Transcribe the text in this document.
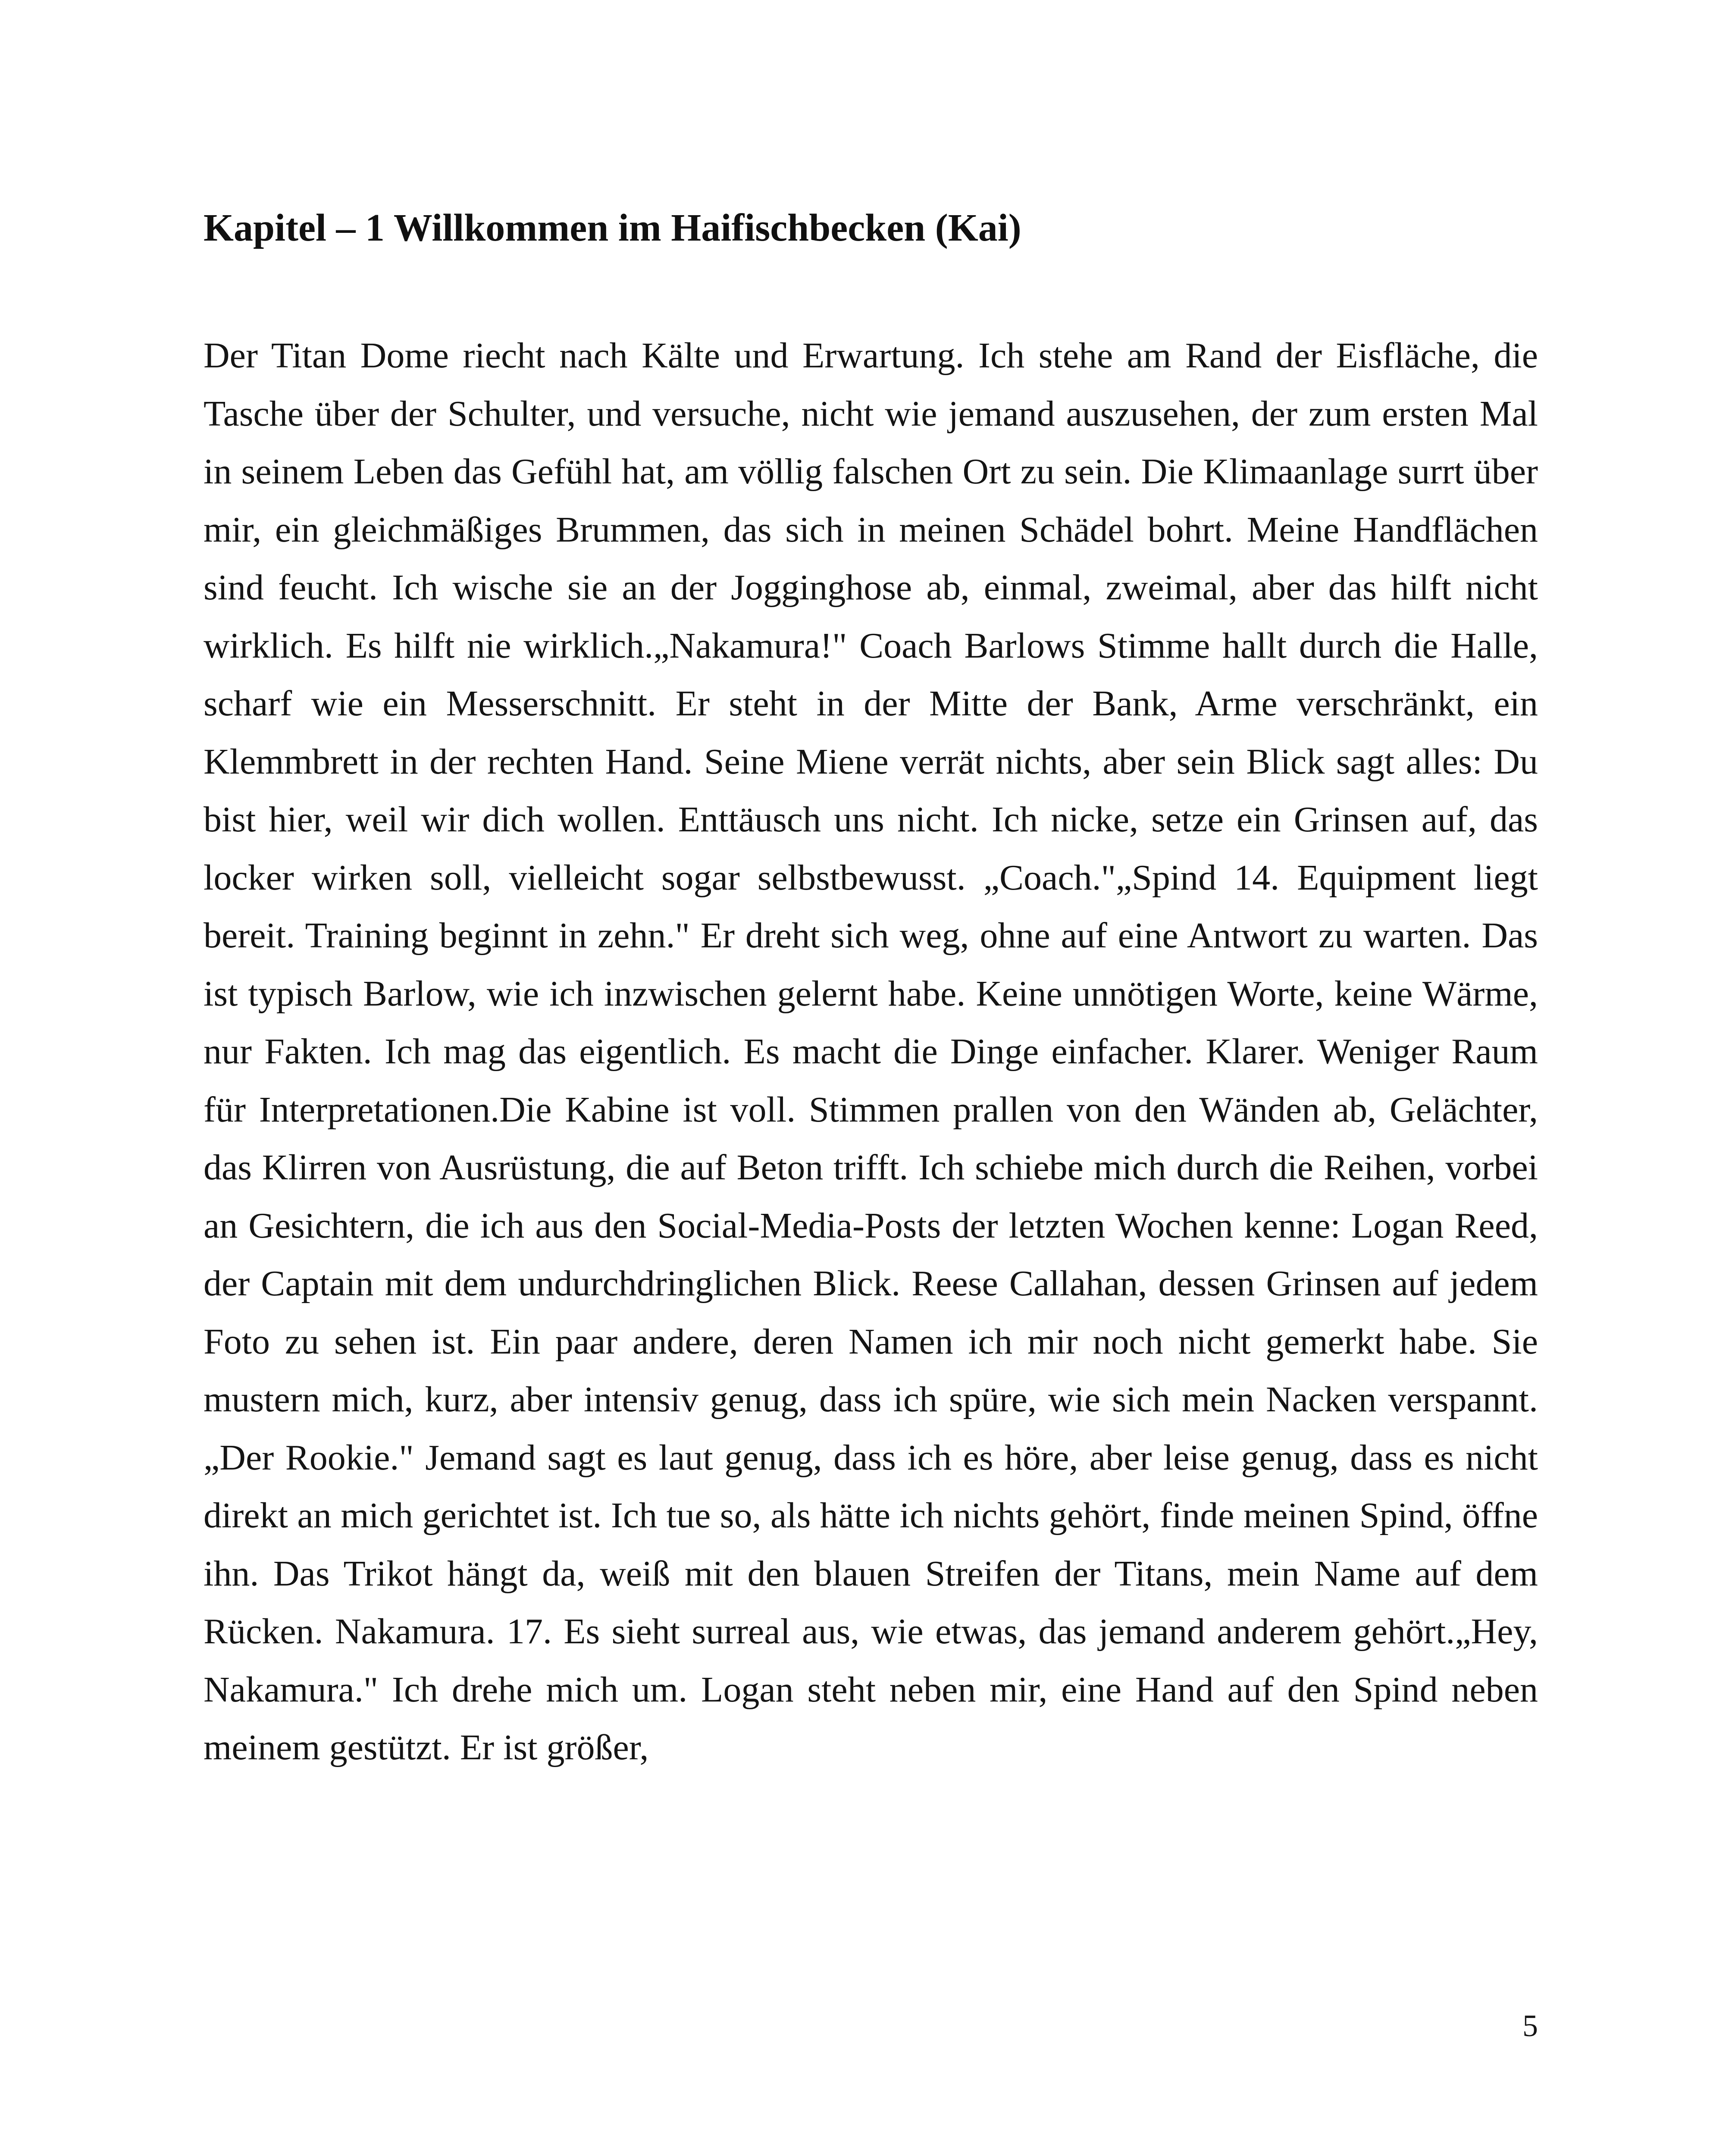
Kapitel – 1 Willkommen im Haifischbecken (Kai)

Der Titan Dome riecht nach Kälte und Erwartung. Ich stehe am Rand der Eisfläche, die Tasche über der Schulter, und versuche, nicht wie jemand auszusehen, der zum ersten Mal in seinem Leben das Gefühl hat, am völlig falschen Ort zu sein. Die Klimaanlage surrt über mir, ein gleichmäßiges Brummen, das sich in meinen Schädel bohrt. Meine Handflächen sind feucht. Ich wische sie an der Jogginghose ab, einmal, zweimal, aber das hilft nicht wirklich. Es hilft nie wirklich.„Nakamura!" Coach Barlows Stimme hallt durch die Halle, scharf wie ein Messerschnitt. Er steht in der Mitte der Bank, Arme verschränkt, ein Klemmbrett in der rechten Hand. Seine Miene verrät nichts, aber sein Blick sagt alles: Du bist hier, weil wir dich wollen. Enttäusch uns nicht. Ich nicke, setze ein Grinsen auf, das locker wirken soll, vielleicht sogar selbstbewusst. „Coach."„Spind 14. Equipment liegt bereit. Training beginnt in zehn." Er dreht sich weg, ohne auf eine Antwort zu warten. Das ist typisch Barlow, wie ich inzwischen gelernt habe. Keine unnötigen Worte, keine Wärme, nur Fakten. Ich mag das eigentlich. Es macht die Dinge einfacher. Klarer. Weniger Raum für Interpretationen.Die Kabine ist voll. Stimmen prallen von den Wänden ab, Gelächter, das Klirren von Ausrüstung, die auf Beton trifft. Ich schiebe mich durch die Reihen, vorbei an Gesichtern, die ich aus den Social-Media-Posts der letzten Wochen kenne: Logan Reed, der Captain mit dem undurchdringlichen Blick. Reese Callahan, dessen Grinsen auf jedem Foto zu sehen ist. Ein paar andere, deren Namen ich mir noch nicht gemerkt habe. Sie mustern mich, kurz, aber intensiv genug, dass ich spüre, wie sich mein Nacken verspannt.„Der Rookie." Jemand sagt es laut genug, dass ich es höre, aber leise genug, dass es nicht direkt an mich gerichtet ist. Ich tue so, als hätte ich nichts gehört, finde meinen Spind, öffne ihn. Das Trikot hängt da, weiß mit den blauen Streifen der Titans, mein Name auf dem Rücken. Nakamura. 17. Es sieht surreal aus, wie etwas, das jemand anderem gehört.„Hey, Nakamura." Ich drehe mich um. Logan steht neben mir, eine Hand auf den Spind neben meinem gestützt. Er ist größer,

5
